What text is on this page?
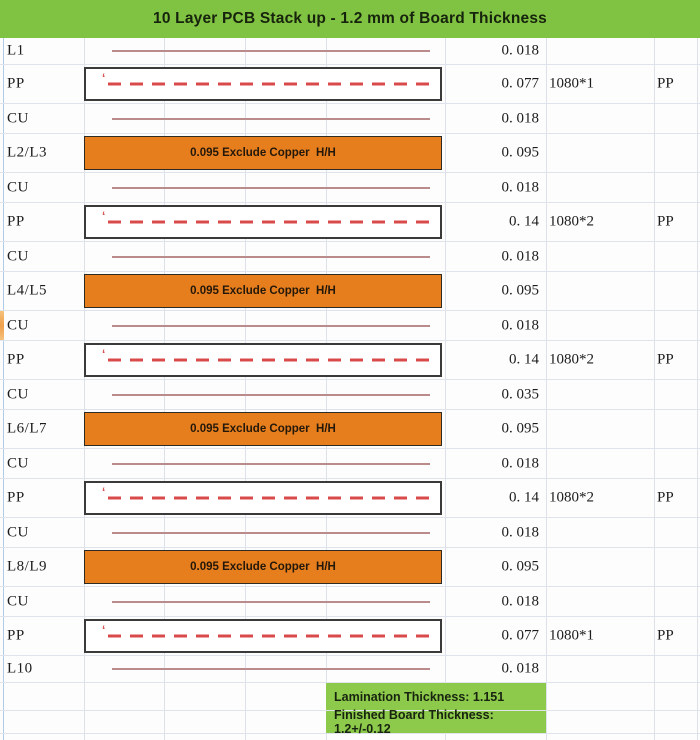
10 Layer PCB Stack up - 1.2 mm of Board Thickness
L1	0. 018
PP	‘	0. 077 1080*1	PP
CU	0. 018
L2/L3	0.095 Exclude Copper  H/H	0. 095
CU	0. 018
PP	‘	0. 14 1080*2	PP
CU	0. 018
L4/L5	0.095 Exclude Copper  H/H	0. 095
CU	0. 018
PP	‘	0. 14 1080*2	PP
CU	0. 035
L6/L7	0.095 Exclude Copper  H/H	0. 095
CU	0. 018
PP	‘	0. 14 1080*2	PP
CU	0. 018
L8/L9	0.095 Exclude Copper  H/H	0. 095
CU	0. 018
PP	‘	0. 077 1080*1	PP
L10	0. 018
Lamination Thickness: 1.151
Finished Board Thickness: 1.2+/-0.12
